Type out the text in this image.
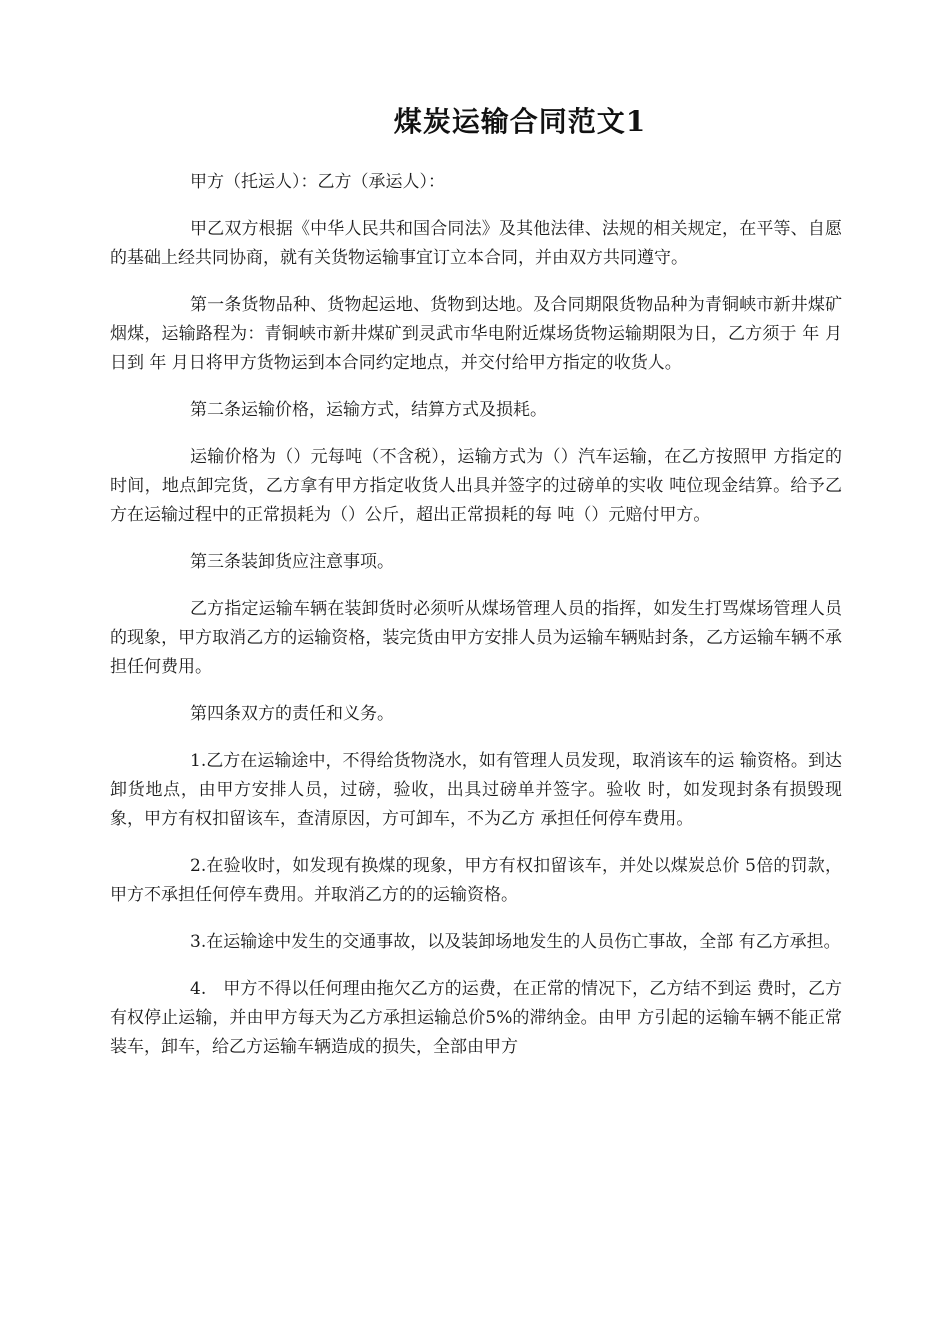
煤炭运输合同范文1

甲方（托运人）：乙方（承运人）：

甲乙双方根据《中华人民共和国合同法》及其他法律、法规的相关规定，在平等、自愿的基础上经共同协商，就有关货物运输事宜订立本合同，并由双方共同遵守。

第一条货物品种、货物起运地、货物到达地。及合同期限货物品种为青铜峡市新井煤矿烟煤，运输路程为：青铜峡市新井煤矿到灵武市华电附近煤场货物运输期限为日，乙方须于 年 月 日到 年 月日将甲方货物运到本合同约定地点，并交付给甲方指定的收货人。

第二条运输价格，运输方式，结算方式及损耗。

运输价格为（）元每吨（不含税），运输方式为（）汽车运输，在乙方按照甲 方指定的时间，地点卸完货，乙方拿有甲方指定收货人出具并签字的过磅单的实收 吨位现金结算。给予乙方在运输过程中的正常损耗为（）公斤，超出正常损耗的每 吨（）元赔付甲方。

第三条装卸货应注意事项。

乙方指定运输车辆在装卸货时必须听从煤场管理人员的指挥，如发生打骂煤场管理人员的现象，甲方取消乙方的运输资格，装完货由甲方安排人员为运输车辆贴封条，乙方运输车辆不承担任何费用。

第四条双方的责任和义务。

1.乙方在运输途中，不得给货物浇水，如有管理人员发现，取消该车的运 输资格。到达卸货地点，由甲方安排人员，过磅，验收，出具过磅单并签字。验收 时，如发现封条有损毁现象，甲方有权扣留该车，查清原因，方可卸车，不为乙方 承担任何停车费用。

2.在验收时，如发现有换煤的现象，甲方有权扣留该车，并处以煤炭总价 5倍的罚款，甲方不承担任何停车费用。并取消乙方的的运输资格。

3.在运输途中发生的交通事故，以及装卸场地发生的人员伤亡事故，全部 有乙方承担。

4.　甲方不得以任何理由拖欠乙方的运费，在正常的情况下，乙方结不到运 费时，乙方有权停止运输，并由甲方每天为乙方承担运输总价5%的滞纳金。由甲 方引起的运输车辆不能正常装车，卸车，给乙方运输车辆造成的损失，全部由甲方
